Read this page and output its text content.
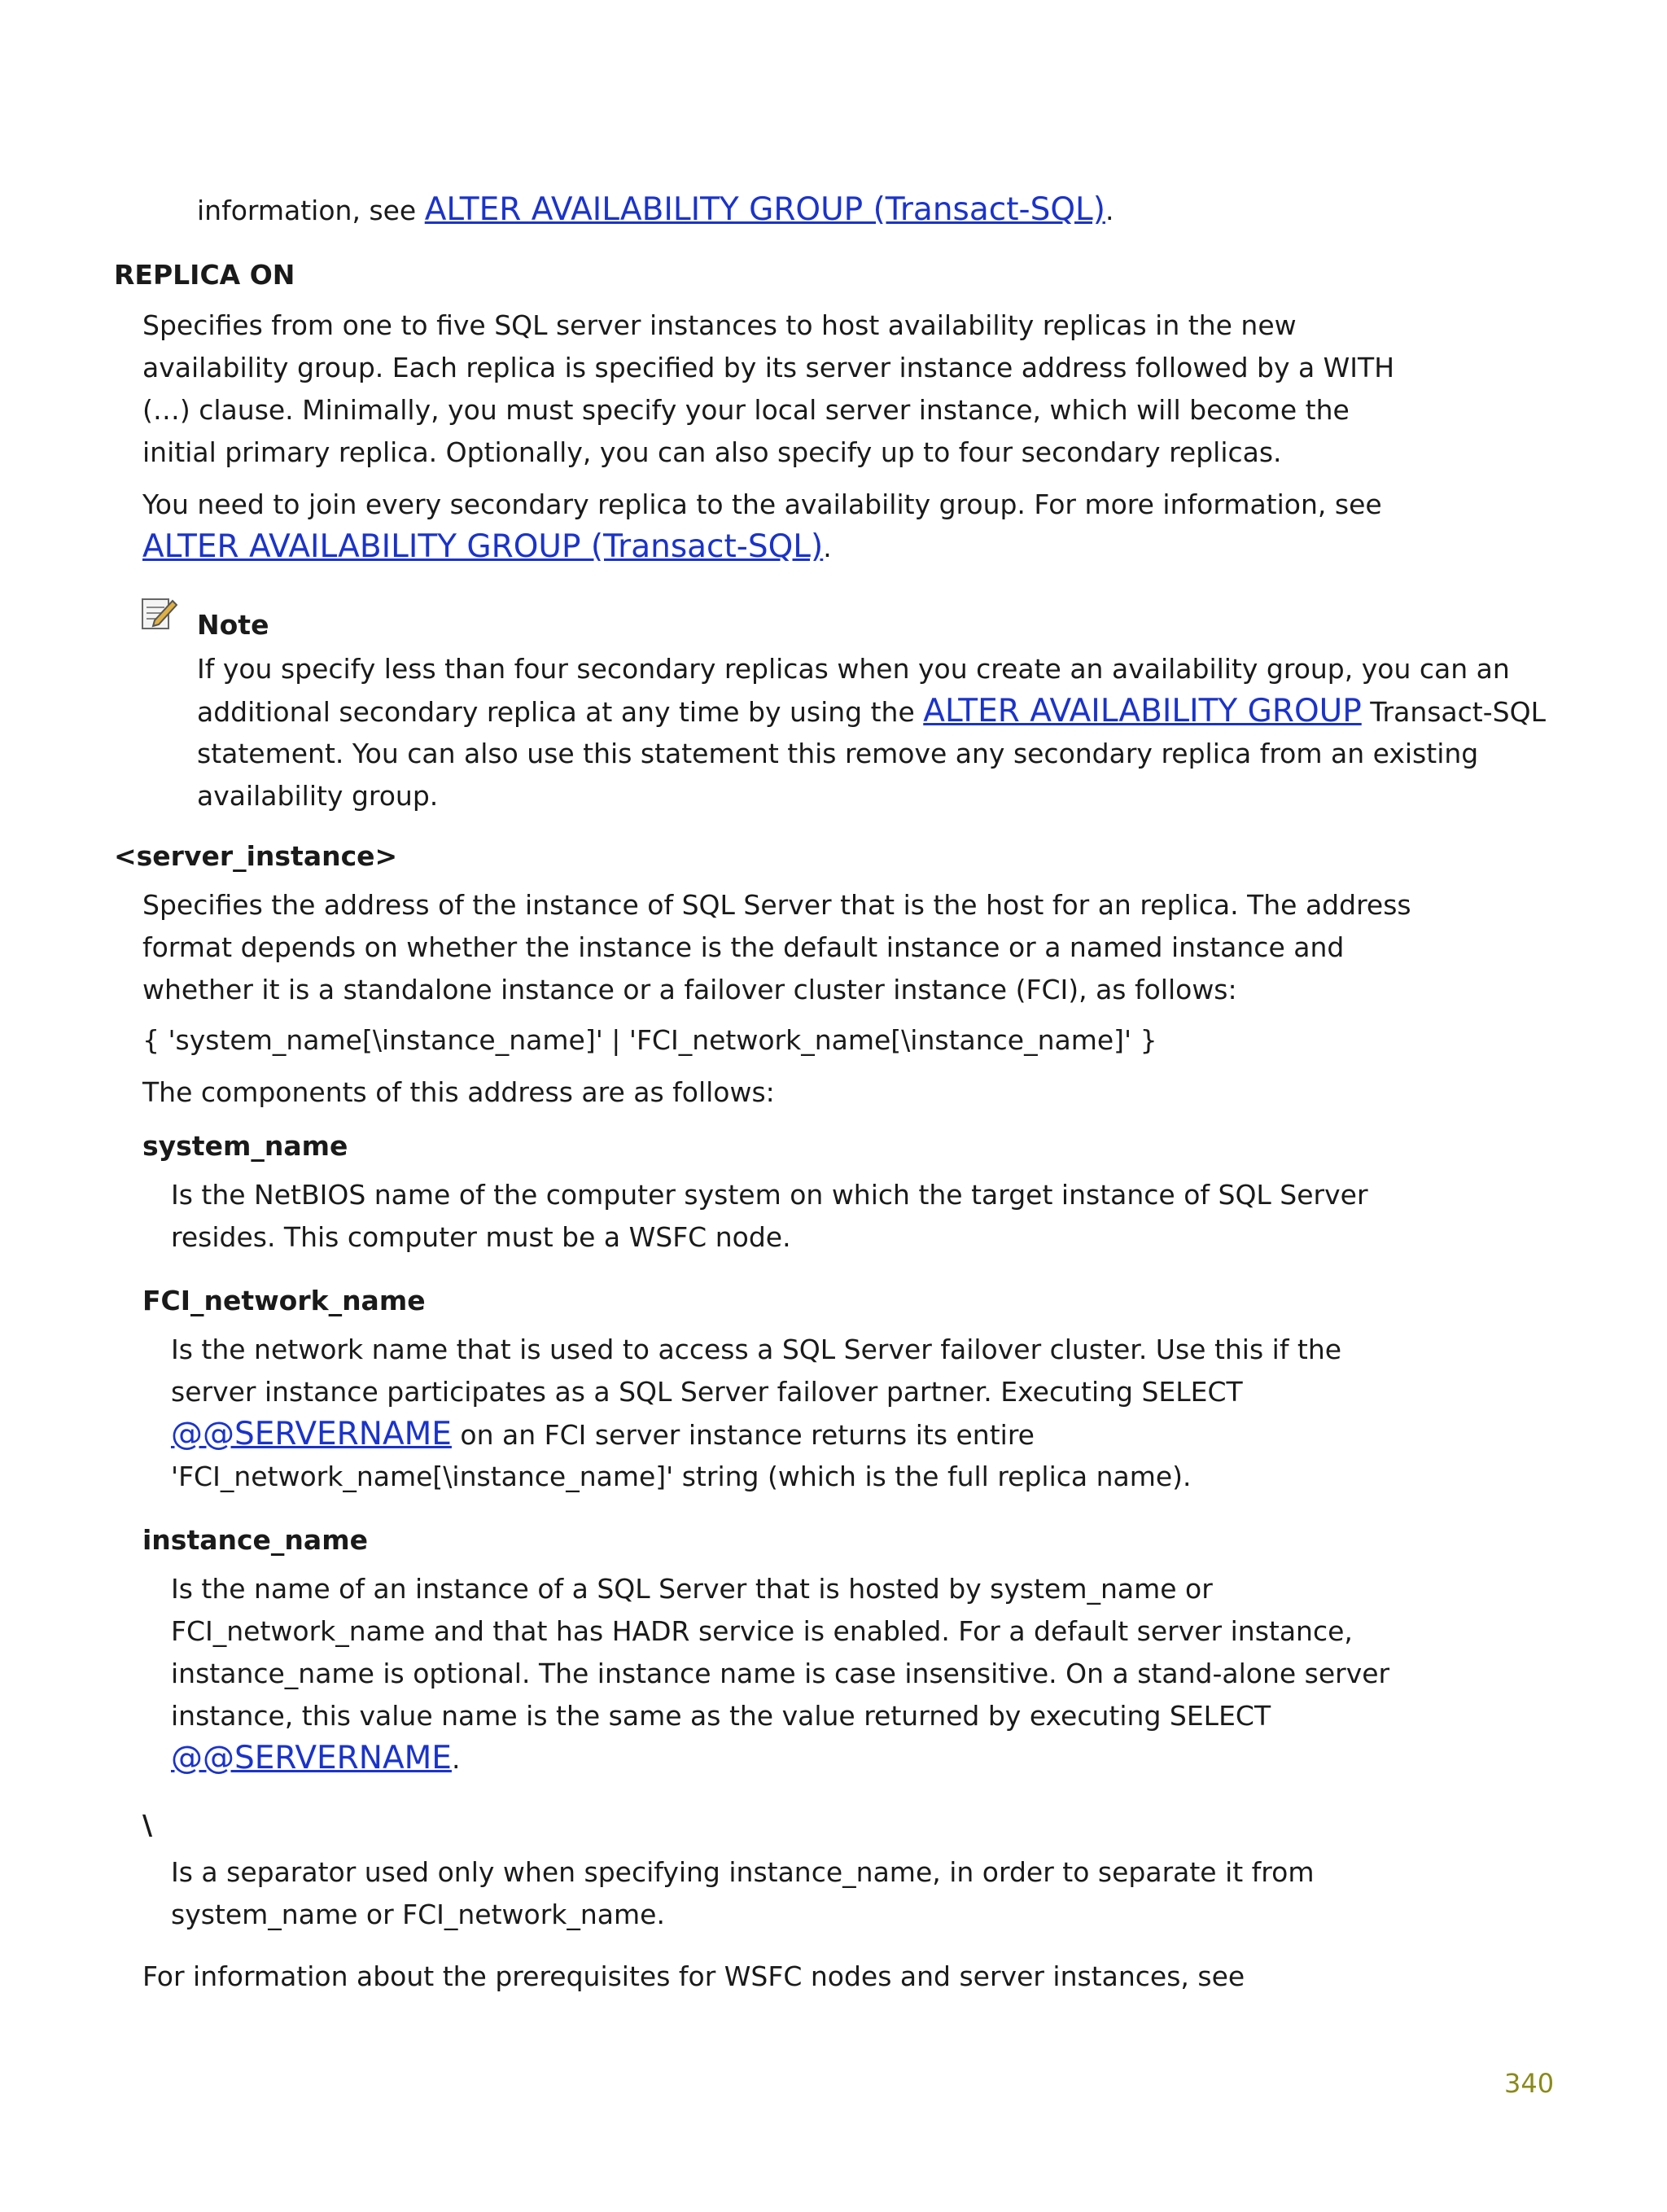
information, see ALTER AVAILABILITY GROUP (Transact-SQL).
REPLICA ON
Specifies from one to five SQL server instances to host availability replicas in the new
availability group. Each replica is specified by its server instance address followed by a WITH
(…) clause. Minimally, you must specify your local server instance, which will become the
initial primary replica. Optionally, you can also specify up to four secondary replicas.
You need to join every secondary replica to the availability group. For more information, see
ALTER AVAILABILITY GROUP (Transact-SQL).
Note
If you specify less than four secondary replicas when you create an availability group, you can an
additional secondary replica at any time by using the ALTER AVAILABILITY GROUP Transact-SQL
statement. You can also use this statement this remove any secondary replica from an existing
availability group.
<server_instance>
Specifies the address of the instance of SQL Server that is the host for an replica. The address
format depends on whether the instance is the default instance or a named instance and
whether it is a standalone instance or a failover cluster instance (FCI), as follows:
{ 'system_name[\instance_name]' | 'FCI_network_name[\instance_name]' }
The components of this address are as follows:
system_name
Is the NetBIOS name of the computer system on which the target instance of SQL Server
resides. This computer must be a WSFC node.
FCI_network_name
Is the network name that is used to access a SQL Server failover cluster. Use this if the
server instance participates as a SQL Server failover partner. Executing SELECT
@@SERVERNAME on an FCI server instance returns its entire
'FCI_network_name[\instance_name]' string (which is the full replica name).
instance_name
Is the name of an instance of a SQL Server that is hosted by system_name or
FCI_network_name and that has HADR service is enabled. For a default server instance,
instance_name is optional. The instance name is case insensitive. On a stand-alone server
instance, this value name is the same as the value returned by executing SELECT
@@SERVERNAME.
\
Is a separator used only when specifying instance_name, in order to separate it from
system_name or FCI_network_name.
For information about the prerequisites for WSFC nodes and server instances, see
340
